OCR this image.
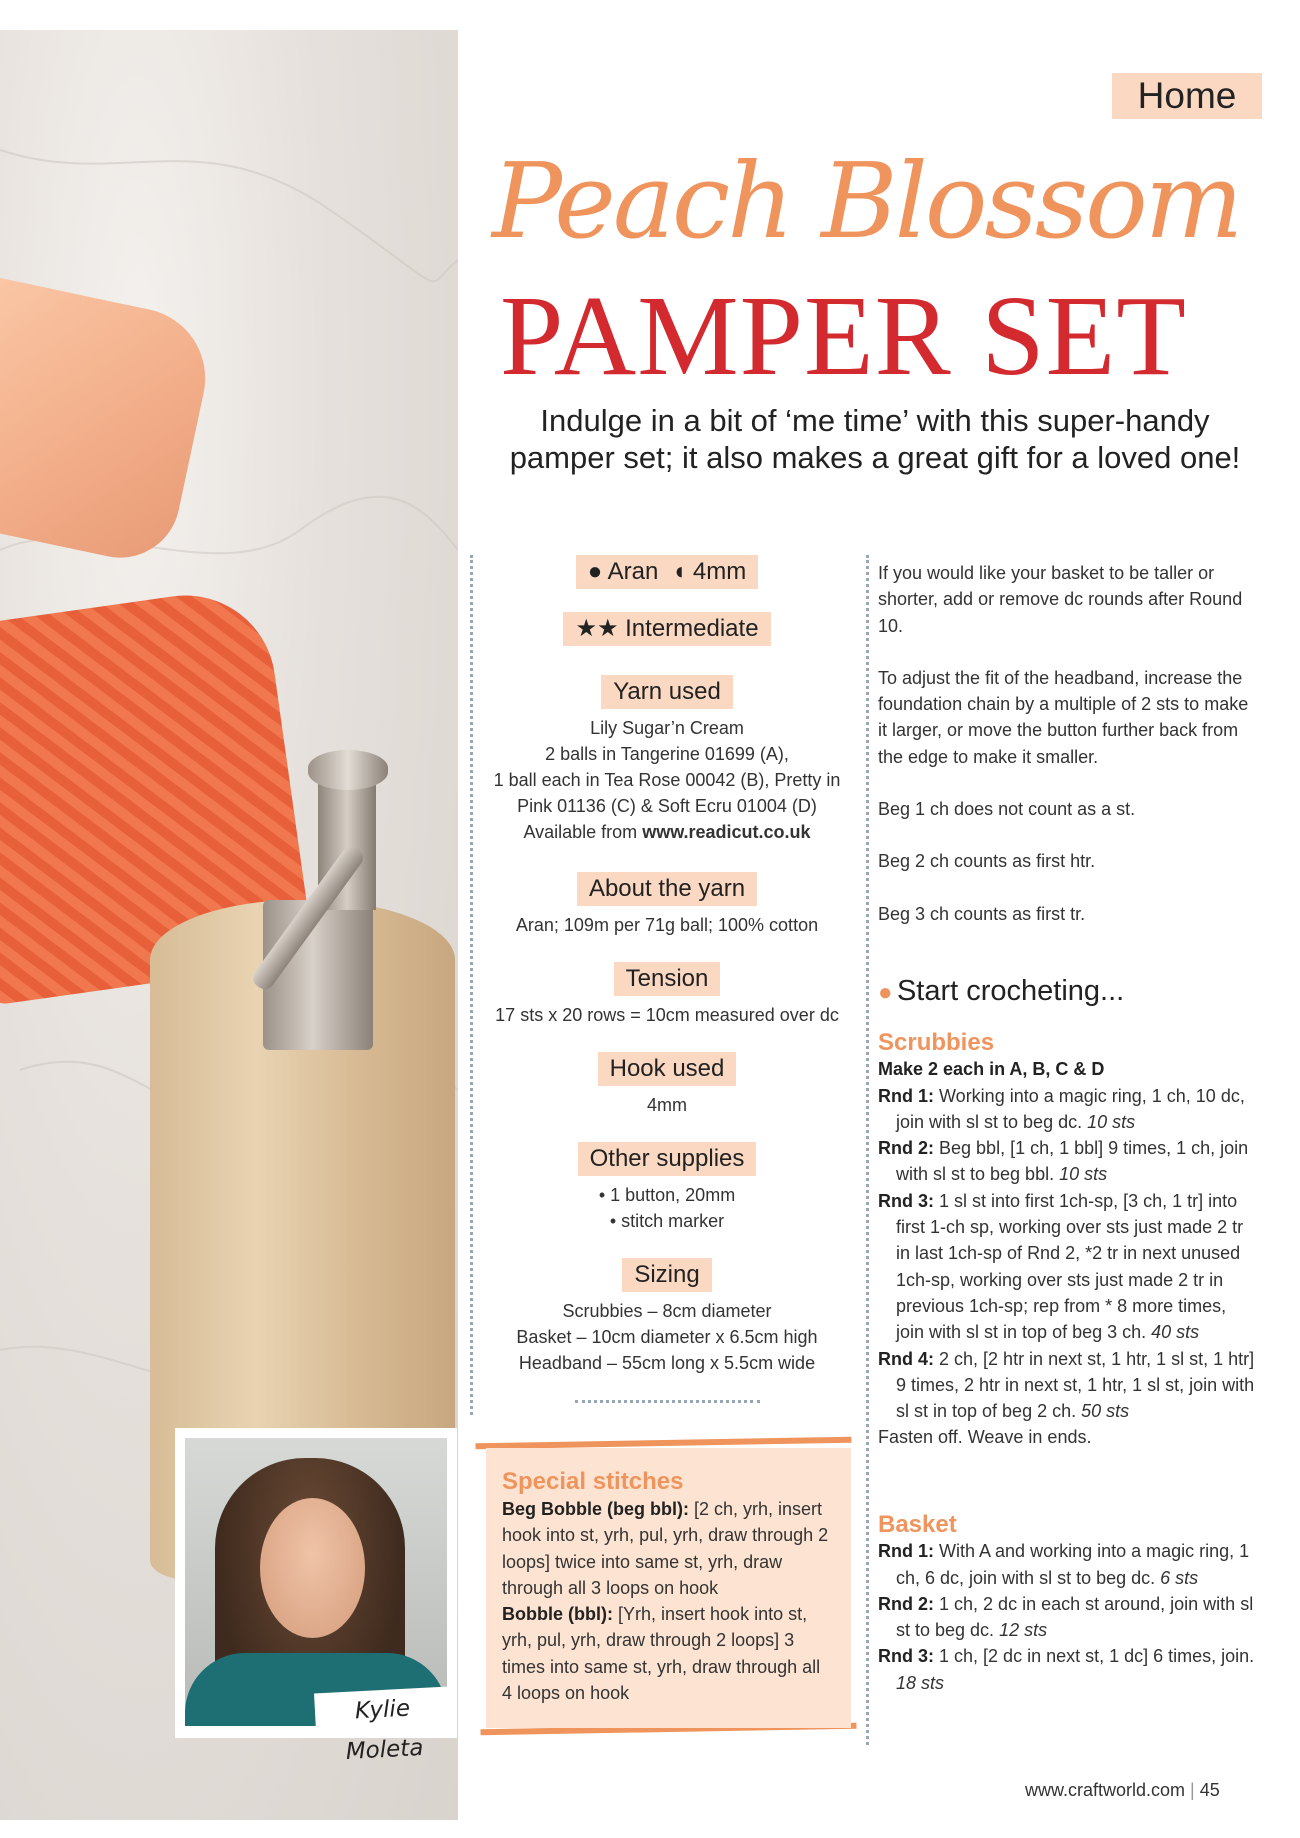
Kylie Moleta
Home
Peach Blossom
PAMPER SET
Indulge in a bit of ‘me time’ with this super-handy pamper set; it also makes a great gift for a loved one!
● Aran ◖ 4mm
★★ Intermediate
Yarn used
Lily Sugar’n Cream
2 balls in Tangerine 01699 (A),
1 ball each in Tea Rose 00042 (B), Pretty in
Pink 01136 (C) & Soft Ecru 01004 (D)
Available from www.readicut.co.uk
About the yarn
Aran; 109m per 71g ball; 100% cotton
Tension
17 sts x 20 rows = 10cm measured over dc
Hook used
4mm
Other supplies
• 1 button, 20mm
• stitch marker
Sizing
Scrubbies – 8cm diameter
Basket – 10cm diameter x 6.5cm high
Headband – 55cm long x 5.5cm wide
Special stitches
Beg Bobble (beg bbl): [2 ch, yrh, insert hook into st, yrh, pul, yrh, draw through 2 loops] twice into same st, yrh, draw through all 3 loops on hook
Bobble (bbl): [Yrh, insert hook into st, yrh, pul, yrh, draw through 2 loops] 3 times into same st, yrh, draw through all 4 loops on hook

If you would like your basket to be taller or shorter, add or remove dc rounds after Round 10.

To adjust the fit of the headband, increase the foundation chain by a multiple of 2 sts to make it larger, or move the button further back from the edge to make it smaller.

Beg 1 ch does not count as a st.

Beg 2 ch counts as first htr.

Beg 3 ch counts as first tr.

● Start crocheting...
Scrubbies
Make 2 each in A, B, C & D
Rnd 1: Working into a magic ring, 1 ch, 10 dc, join with sl st to beg dc. 10 sts
Rnd 2: Beg bbl, [1 ch, 1 bbl] 9 times, 1 ch, join with sl st to beg bbl. 10 sts
Rnd 3: 1 sl st into first 1ch-sp, [3 ch, 1 tr] into first 1-ch sp, working over sts just made 2 tr in last 1ch-sp of Rnd 2, *2 tr in next unused 1ch-sp, working over sts just made 2 tr in previous 1ch-sp; rep from * 8 more times, join with sl st in top of beg 3 ch. 40 sts
Rnd 4: 2 ch, [2 htr in next st, 1 htr, 1 sl st, 1 htr] 9 times, 2 htr in next st, 1 htr, 1 sl st, join with sl st in top of beg 2 ch. 50 sts
Fasten off. Weave in ends.
Basket
Rnd 1: With A and working into a magic ring, 1 ch, 6 dc, join with sl st to beg dc. 6 sts
Rnd 2: 1 ch, 2 dc in each st around, join with sl st to beg dc. 12 sts
Rnd 3: 1 ch, [2 dc in next st, 1 dc] 6 times, join. 18 sts
www.craftworld.com | 45
